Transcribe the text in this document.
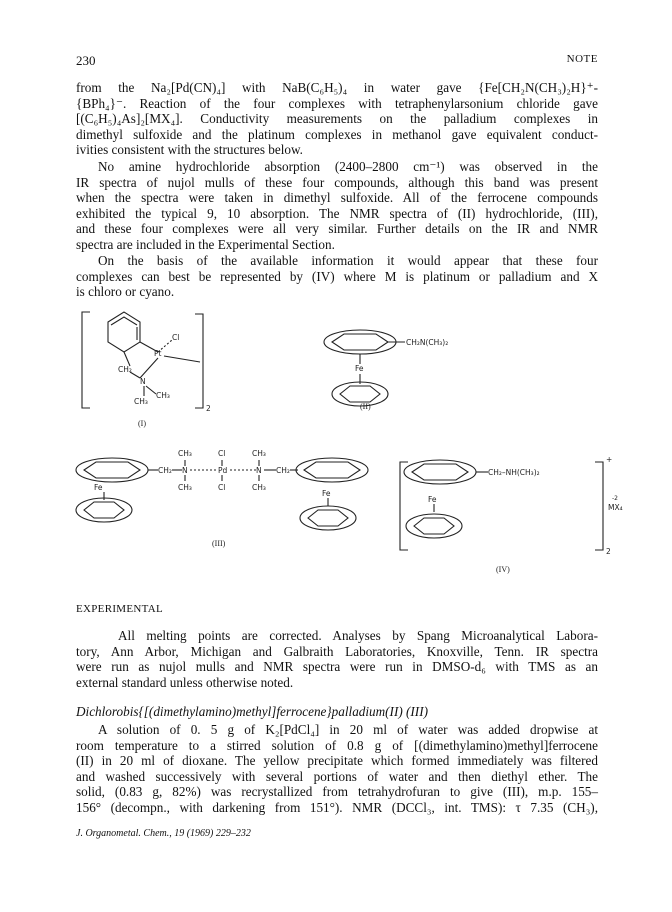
230	NOTE
from the Na₂[Pd(CN)₄] with NaB(C₆H₅)₄ in water gave {Fe[CH₂N(CH₃)₂H}⁺-
{BPh₄}⁻. Reaction of the four complexes with tetraphenylarsonium chloride gave
[(C₆H₅)₄As]₂[MX₄]. Conductivity measurements on the palladium complexes in
dimethyl sulfoxide and the platinum complexes in methanol gave equivalent conduct-
ivities consistent with the structures below.
No amine hydrochloride absorption (2400–2800 cm⁻¹) was observed in the
IR spectra of nujol mulls of these four compounds, although this band was present
when the spectra were taken in dimethyl sulfoxide. All of the ferrocene compounds
exhibited the typical 9, 10 absorption. The NMR spectra of (II) hydrochloride, (III),
and these four complexes were all very similar. Further details on the IR and NMR
spectra are included in the Experimental Section.
On the basis of the available information it would appear that these four
complexes can best be represented by (IV) where M is platinum or palladium and X
is chloro or cyano.
Cl
Pt
CH₂
N
CH₃
CH₃
2
(I)
CH₂N(CH₃)₂
Fe
(II)
Fe
CH₂ N	Pd	N CH₂
CH₃
CH₃
CH₃
CH₃
Cl
Cl
Fe
(III)
CH₂–NH(CH₃)₂
+
Fe
MX₄
-2
2
(IV)
EXPERIMENTAL
All melting points are corrected. Analyses by Spang Microanalytical Labora-
tory, Ann Arbor, Michigan and Galbraith Laboratories, Knoxville, Tenn. IR spectra
were run as nujol mulls and NMR spectra were run in DMSO-d₆ with TMS as an
external standard unless otherwise noted.
Dichlorobis{[(dimethylamino)methyl]ferrocene}palladium(II) (III)
A solution of 0. 5 g of K₂[PdCl₄] in 20 ml of water was added dropwise at
room temperature to a stirred solution of 0.8 g of [(dimethylamino)methyl]ferrocene
(II) in 20 ml of dioxane. The yellow precipitate which formed immediately was filtered
and washed successively with several portions of water and then diethyl ether. The
solid, (0.83 g, 82%) was recrystallized from tetrahydrofuran to give (III), m.p. 155–
156° (decompn., with darkening from 151°). NMR (DCCl₃, int. TMS): τ 7.35 (CH₃),
J. Organometal. Chem., 19 (1969) 229–232
